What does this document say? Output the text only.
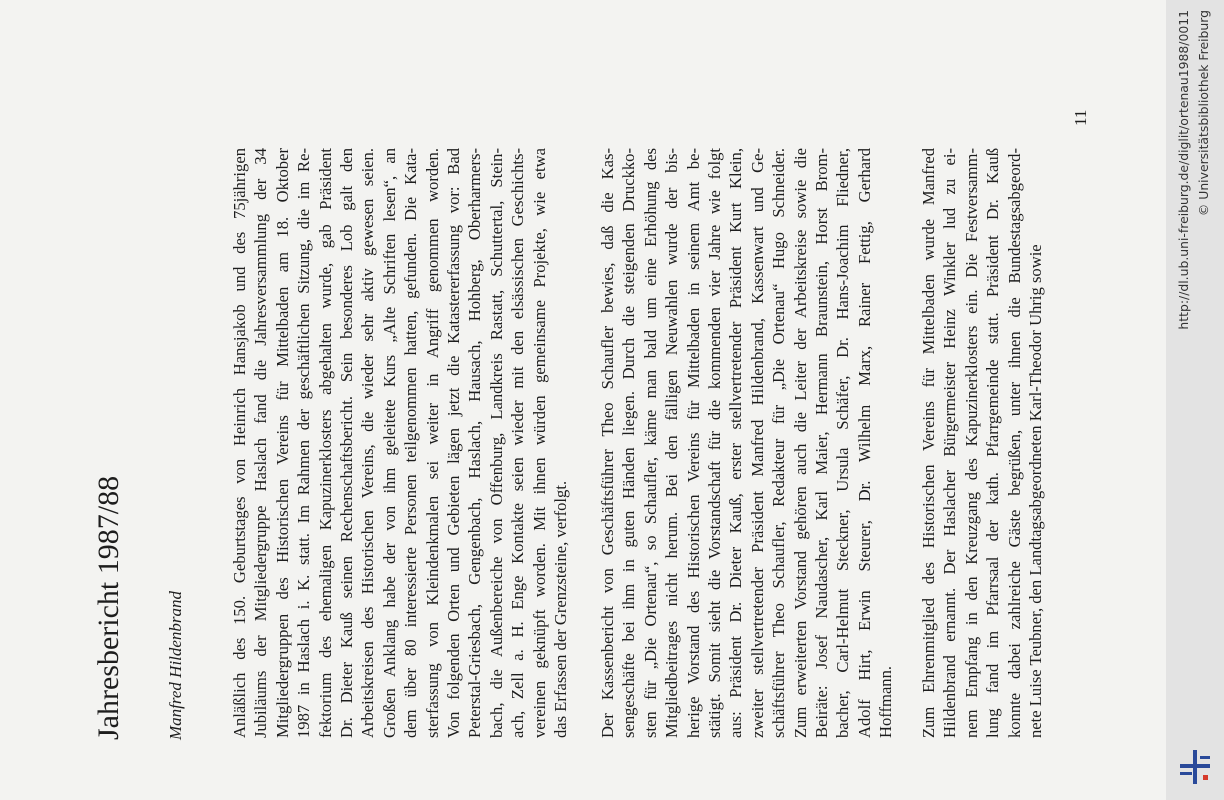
Jahresbericht 1987/88 Manfred Hildenbrand	Anläßlich des 150. Geburtstages von Heinrich Hansjakob und des 75jährigen Jubiläums der Mitgliedergruppe Haslach fand die Jahresversammlung der 34 Mitgliedergruppen des Historischen Vereins für Mittelbaden am 18. Oktober 1987 in Haslach i. K. statt. Im Rahmen der geschäftlichen Sitzung, die im Re- fektorium des ehemaligen Kapuzinerklosters abgehalten wurde, gab Präsident Dr. Dieter Kauß seinen Rechenschaftsbericht. Sein besonderes Lob galt den Arbeitskreisen des Historischen Vereins, die wieder sehr aktiv gewesen seien. Großen Anklang habe der von ihm geleitete Kurs „Alte Schriften lesen“, an dem über 80 interessierte Personen teilgenommen hatten, gefunden. Die Kata- sterfassung von Kleindenkmalen sei weiter in Angriff genommen worden. Von folgenden Orten und Gebieten lägen jetzt die Katastererfassung vor: Bad Peterstal-Griesbach, Gengenbach, Haslach, Hausach, Hohberg, Oberharmers- bach, die Außenbereiche von Offenburg, Landkreis Rastatt, Schuttertal, Stein- ach, Zell a. H. Enge Kontakte seien wieder mit den elsässischen Geschichts- vereinen geknüpft worden. Mit ihnen würden gemeinsame Projekte, wie etwa das Erfassen der Grenzsteine, verfolgt. Der Kassenbericht von Geschäftsführer Theo Schaufler bewies, daß die Kas- sengeschäfte bei ihm in guten Händen liegen. Durch die steigenden Druckko- sten für „Die Ortenau“, so Schaufler, käme man bald um eine Erhöhung des Mitgliedbeitrages nicht herum. Bei den fälligen Neuwahlen wurde der bis- herige Vorstand des Historischen Vereins für Mittelbaden in seinem Amt be- stätigt. Somit sieht die Vorstandschaft für die kommenden vier Jahre wie folgt aus: Präsident Dr. Dieter Kauß, erster stellvertretender Präsident Kurt Klein, zweiter stellvertretender Präsident Manfred Hildenbrand, Kassenwart und Ge- schäftsführer Theo Schaufler, Redakteur für „Die Ortenau“ Hugo Schneider. Zum erweiterten Vorstand gehören auch die Leiter der Arbeitskreise sowie die Beiräte: Josef Naudascher, Karl Maier, Hermann Braunstein, Horst Brom- bacher, Carl-Helmut Steckner, Ursula Schäfer, Dr. Hans-Joachim Fliedner, Adolf Hirt, Erwin Steurer, Dr. Wilhelm Marx, Rainer Fettig, Gerhard Hoffmann. Zum Ehrenmitglied des Historischen Vereins für Mittelbaden wurde Manfred Hildenbrand ernannt. Der Haslacher Bürgermeister Heinz Winkler lud zu ei- nem Empfang in den Kreuzgang des Kapuzinerklosters ein. Die Festversamm- lung fand im Pfarrsaal der kath. Pfarrgemeinde statt. Präsident Dr. Kauß konnte dabei zahlreiche Gäste begrüßen, unter ihnen die Bundestagsabgeord- nete Luise Teubner, den Landtagsabgeordneten Karl-Theodor Uhrig sowie
11	http://dl.ub.uni-freiburg.de/diglit/ortenau1988/0011 © Universitätsbibliothek Freiburg
